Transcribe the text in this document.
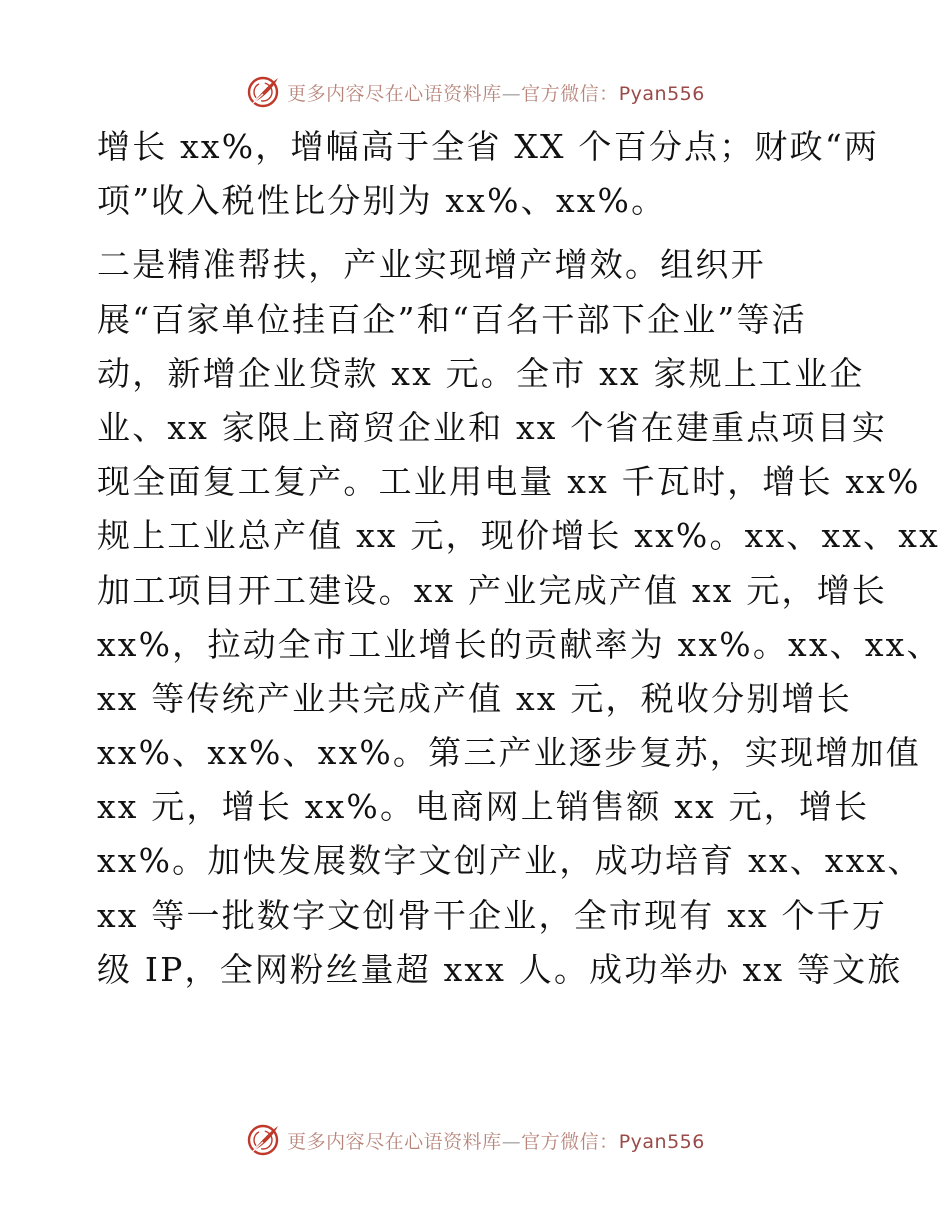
更多内容尽在心语资料库—官方微信：Pyan556
增长 xx%，增幅高于全省 XX 个百分点；财政“两
项”收入税性比分别为 xx%、xx%。
二是精准帮扶，产业实现增产增效。组织开
展“百家单位挂百企”和“百名干部下企业”等活
动，新增企业贷款 xx 元。全市 xx 家规上工业企
业、xx 家限上商贸企业和 xx 个省在建重点项目实
现全面复工复产。工业用电量 xx 千瓦时，增长 xx%
规上工业总产值 xx 元，现价增长 xx%。xx、xx、xx
加工项目开工建设。xx 产业完成产值 xx 元，增长
xx%，拉动全市工业增长的贡献率为 xx%。xx、xx、
xx 等传统产业共完成产值 xx 元，税收分别增长
xx%、xx%、xx%。第三产业逐步复苏，实现增加值
xx 元，增长 xx%。电商网上销售额 xx 元，增长
xx%。加快发展数字文创产业，成功培育 xx、xxx、
xx 等一批数字文创骨干企业，全市现有 xx 个千万
级 IP，全网粉丝量超 xxx 人。成功举办 xx 等文旅
更多内容尽在心语资料库—官方微信：Pyan556
